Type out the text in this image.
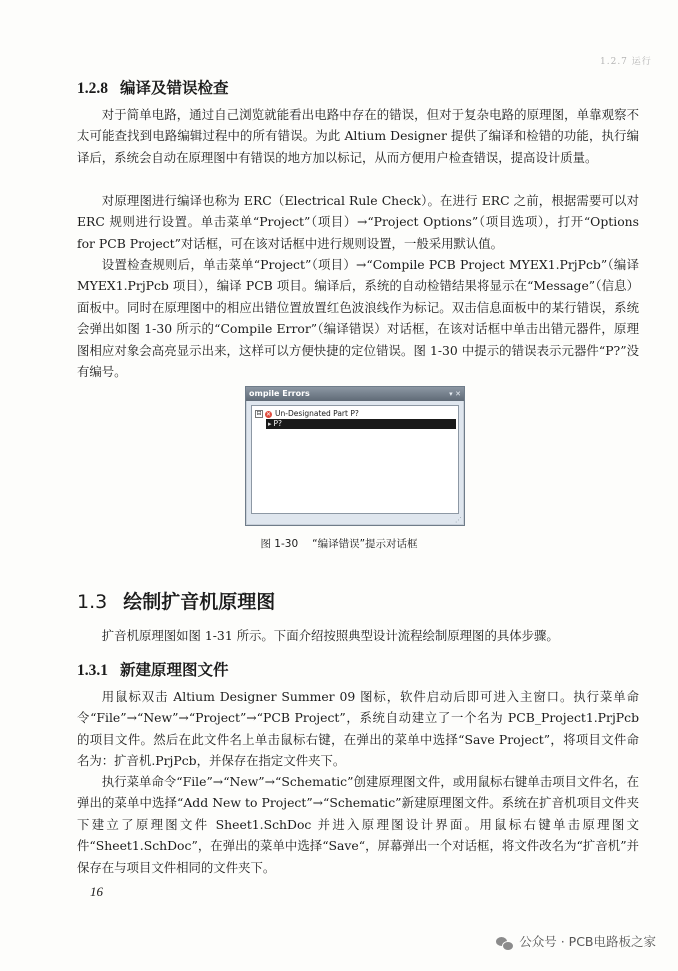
1.2.7 运行
1.2.8 编译及错误检查

对于简单电路，通过自己浏览就能看出电路中存在的错误，但对于复杂电路的原理图，单靠观察不太可能查找到电路编辑过程中的所有错误。为此 Altium Designer 提供了编译和检错的功能，执行编译后，系统会自动在原理图中有错误的地方加以标记，从而方便用户检查错误，提高设计质量。

对原理图进行编译也称为 ERC（Electrical Rule Check）。在进行 ERC 之前，根据需要可以对 ERC 规则进行设置。单击菜单“Project”（项目）→“Project Options”（项目选项），打开“Options for PCB Project”对话框，可在该对话框中进行规则设置，一般采用默认值。

设置检查规则后，单击菜单“Project”（项目）→“Compile PCB Project MYEX1.PrjPcb”（编译 MYEX1.PrjPcb 项目），编译 PCB 项目。编译后，系统的自动检错结果将显示在“Message”（信息）面板中。同时在原理图中的相应出错位置放置红色波浪线作为标记。双击信息面板中的某行错误，系统会弹出如图 1-30 所示的“Compile Error”（编译错误）对话框，在该对话框中单击出错元器件，原理图相应对象会高亮显示出来，这样可以方便快捷的定位错误。图 1-30 中提示的错误表示元器件“P?”没有编号。

ompile Errors	▾ ✕
⊟ ✕ Un-Designated Part P?
▸ P?
⋰
图 1-30 “编译错误”提示对话框
1.3 绘制扩音机原理图

扩音机原理图如图 1-31 所示。下面介绍按照典型设计流程绘制原理图的具体步骤。

1.3.1 新建原理图文件

用鼠标双击 Altium Designer Summer 09 图标，软件启动后即可进入主窗口。执行菜单命令“File”→“New”→“Project”→“PCB Project”，系统自动建立了一个名为 PCB_Project1.PrjPcb 的项目文件。然后在此文件名上单击鼠标右键，在弹出的菜单中选择“Save Project”，将项目文件命名为：扩音机.PrjPcb，并保存在指定文件夹下。

执行菜单命令“File”→“New”→“Schematic”创建原理图文件，或用鼠标右键单击项目文件名，在弹出的菜单中选择“Add New to Project”→“Schematic”新建原理图文件。系统在扩音机项目文件夹下建立了原理图文件 Sheet1.SchDoc 并进入原理图设计界面。用鼠标右键单击原理图文件“Sheet1.SchDoc”，在弹出的菜单中选择“Save“，屏幕弹出一个对话框，将文件改名为“扩音机”并保存在与项目文件相同的文件夹下。

16
公众号 · PCB电路板之家
